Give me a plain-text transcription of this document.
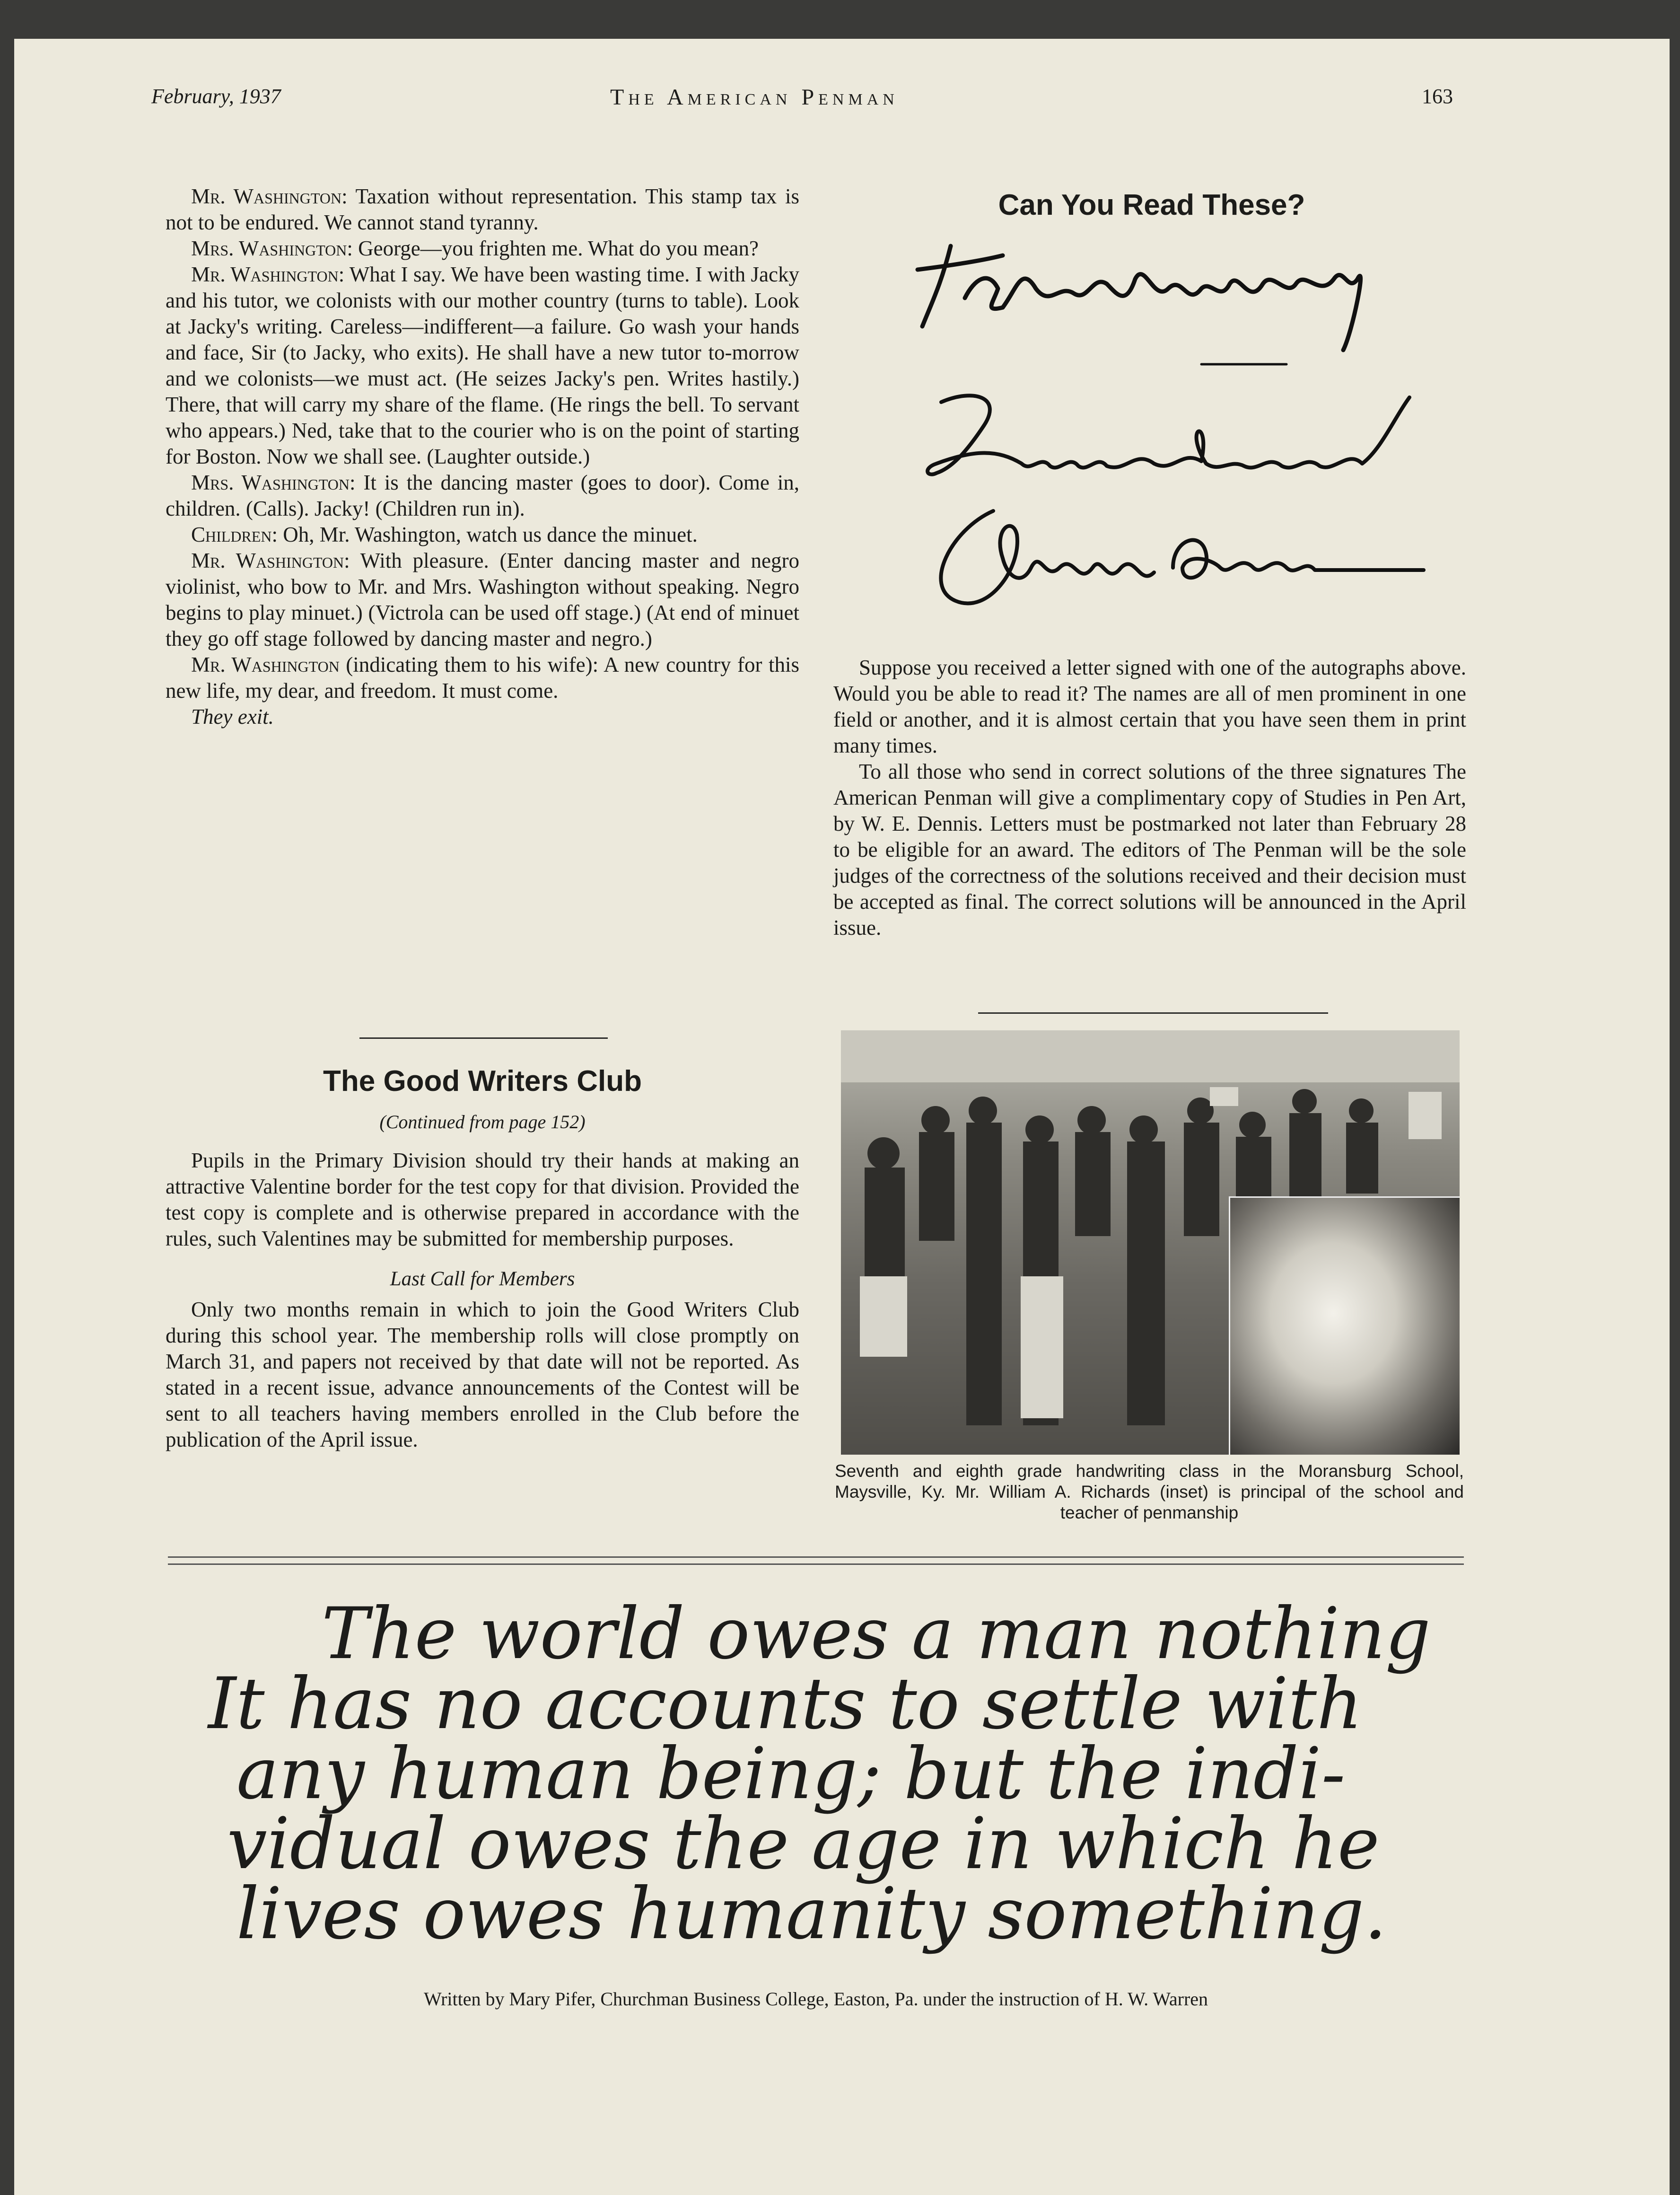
February, 1937	The American Penman	163

Mr. Washington: Taxation without representation. This stamp tax is not to be endured. We cannot stand tyranny.

Mrs. Washington: George—you frighten me. What do you mean?

Mr. Washington: What I say. We have been wasting time. I with Jacky and his tutor, we colonists with our mother country (turns to table). Look at Jacky's writing. Careless—indifferent—a failure. Go wash your hands and face, Sir (to Jacky, who exits). He shall have a new tutor to-morrow and we colonists—we must act. (He seizes Jacky's pen. Writes hastily.) There, that will carry my share of the flame. (He rings the bell. To servant who appears.) Ned, take that to the courier who is on the point of starting for Boston. Now we shall see. (Laughter outside.)

Mrs. Washington: It is the dancing master (goes to door). Come in, children. (Calls). Jacky! (Children run in).

Children: Oh, Mr. Washington, watch us dance the minuet.

Mr. Washington: With pleasure. (Enter dancing master and negro violinist, who bow to Mr. and Mrs. Washington without speaking. Negro begins to play minuet.) (Victrola can be used off stage.) (At end of minuet they go off stage followed by dancing master and negro.)

Mr. Washington (indicating them to his wife): A new country for this new life, my dear, and freedom. It must come.

They exit.

The Good Writers Club
(Continued from page 152)

Pupils in the Primary Division should try their hands at making an attractive Valentine border for the test copy for that division. Provided the test copy is complete and is otherwise prepared in accordance with the rules, such Valentines may be submitted for membership purposes.

Last Call for Members

Only two months remain in which to join the Good Writers Club during this school year. The membership rolls will close promptly on March 31, and papers not received by that date will not be reported. As stated in a recent issue, advance announcements of the Contest will be sent to all teachers having members enrolled in the Club before the publication of the April issue.

Can You Read These?

Suppose you received a letter signed with one of the autographs above. Would you be able to read it? The names are all of men prominent in one field or another, and it is almost certain that you have seen them in print many times.

To all those who send in correct solutions of the three signatures The American Penman will give a complimentary copy of Studies in Pen Art, by W. E. Dennis. Letters must be postmarked not later than February 28 to be eligible for an award. The editors of The Penman will be the sole judges of the correctness of the solutions received and their decision must be accepted as final. The correct solutions will be announced in the April issue.

Seventh and eighth grade handwriting class in the Moransburg School, Maysville, Ky. Mr. William A. Richards (inset) is principal of the school and teacher of penmanship
The world owes a man nothing
It has no accounts to settle with
any human being; but the indi-
vidual owes the age in which he
lives owes humanity something.
Written by Mary Pifer, Churchman Business College, Easton, Pa. under the instruction of H. W. Warren
